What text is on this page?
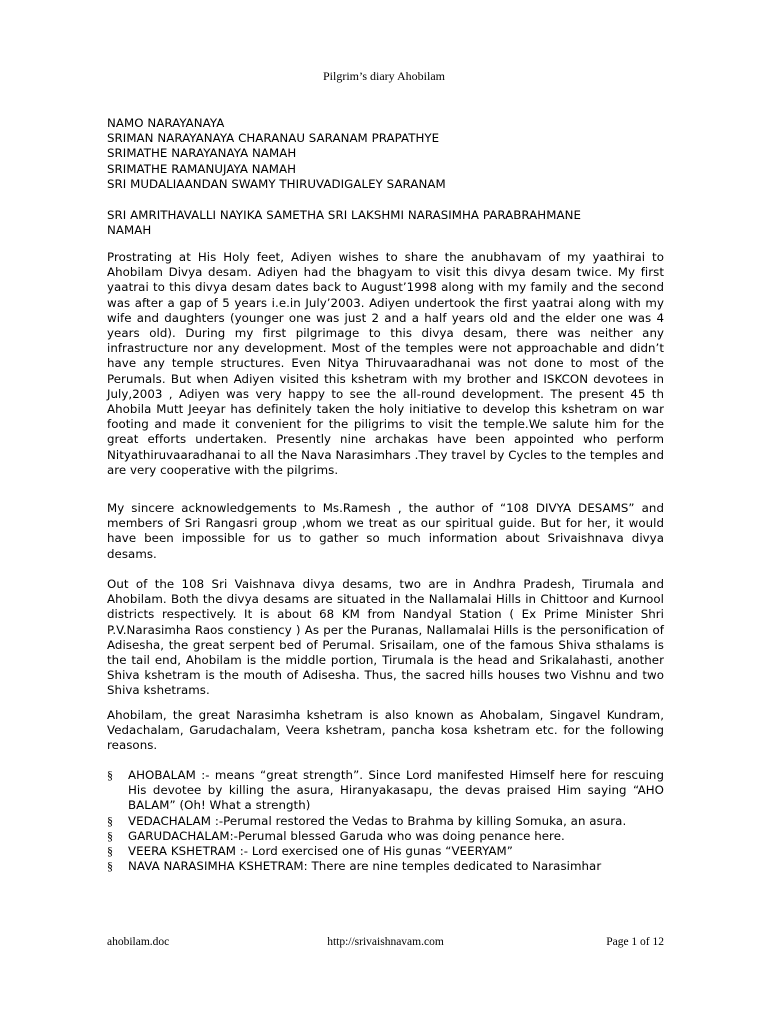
Pilgrim’s diary Ahobilam

NAMO NARAYANAYA

SRIMAN NARAYANAYA CHARANAU SARANAM PRAPATHYE

SRIMATHE NARAYANAYA NAMAH

SRIMATHE RAMANUJAYA NAMAH

SRI MUDALIAANDAN SWAMY THIRUVADIGALEY SARANAM

SRI AMRITHAVALLI NAYIKA SAMETHA SRI LAKSHMI NARASIMHA PARABRAHMANE

NAMAH

Prostrating at His Holy feet, Adiyen wishes to share the anubhavam of my yaathirai to Ahobilam Divya desam. Adiyen had the bhagyam to visit this divya desam twice. My first yaatrai to this divya desam dates back to August’1998 along with my family and the second was after a gap of 5 years i.e.in July’2003. Adiyen undertook the first yaatrai along with my wife and daughters (younger one was just 2 and a half years old and the elder one was 4 years old). During my first pilgrimage to this divya desam, there was neither any infrastructure nor any development. Most of the temples were not approachable and didn’t have any temple structures. Even Nitya Thiruvaaradhanai was not done to most of the Perumals. But when Adiyen visited this kshetram with my brother and ISKCON devotees in July,2003 , Adiyen was very happy to see the all-round development. The present 45 th Ahobila Mutt Jeeyar has definitely taken the holy initiative to develop this kshetram on war footing and made it convenient for the piligrims to visit the temple.We salute him for the great efforts undertaken. Presently nine archakas have been appointed who perform Nityathiruvaaradhanai to all the Nava Narasimhars .They travel by Cycles to the temples and are very cooperative with the pilgrims.

My sincere acknowledgements to Ms.Ramesh , the author of “108 DIVYA DESAMS” and members of Sri Rangasri group ,whom we treat as our spiritual guide. But for her, it would have been impossible for us to gather so much information about Srivaishnava divya desams.

Out of the 108 Sri Vaishnava divya desams, two are in Andhra Pradesh, Tirumala and Ahobilam. Both the divya desams are situated in the Nallamalai Hills in Chittoor and Kurnool districts respectively. It is about 68 KM from Nandyal Station ( Ex Prime Minister Shri P.V.Narasimha Raos constiency ) As per the Puranas, Nallamalai Hills is the personification of Adisesha, the great serpent bed of Perumal. Srisailam, one of the famous Shiva sthalams is the tail end, Ahobilam is the middle portion, Tirumala is the head and Srikalahasti, another Shiva kshetram is the mouth of Adisesha. Thus, the sacred hills houses two Vishnu and two Shiva kshetrams.

Ahobilam, the great Narasimha kshetram is also known as Ahobalam, Singavel Kundram, Vedachalam, Garudachalam, Veera kshetram, pancha kosa kshetram etc. for the following reasons.

§	AHOBALAM :- means “great strength”. Since Lord manifested Himself here for rescuing His devotee by killing the asura, Hiranyakasapu, the devas praised Him saying “AHO BALAM” (Oh! What a strength)
§	VEDACHALAM :-Perumal restored the Vedas to Brahma by killing Somuka, an asura.
§	GARUDACHALAM:-Perumal blessed Garuda who was doing penance here.
§	VEERA KSHETRAM :- Lord exercised one of His gunas “VEERYAM”
§	NAVA NARASIMHA KSHETRAM: There are nine temples dedicated to Narasimhar
ahobilam.doc	http://srivaishnavam.com	Page 1 of 12
